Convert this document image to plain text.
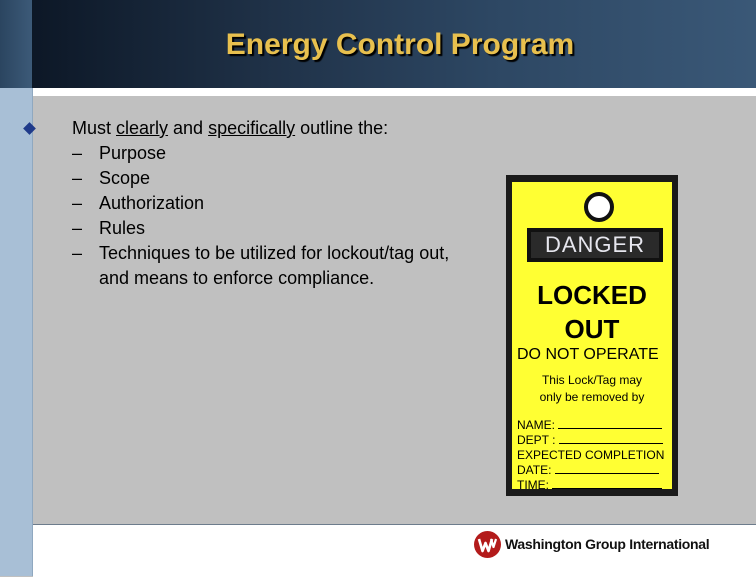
Energy Control Program
Must clearly and specifically outline the:
– Purpose
– Scope
– Authorization
– Rules
– Techniques to be utilized for lockout/tag out,
and means to enforce compliance.
DANGER
LOCKED
OUT
DO NOT OPERATE
This Lock/Tag may
only be removed by
NAME:
DEPT :
EXPECTED COMPLETION
DATE:
TIME:
Washington Group International
